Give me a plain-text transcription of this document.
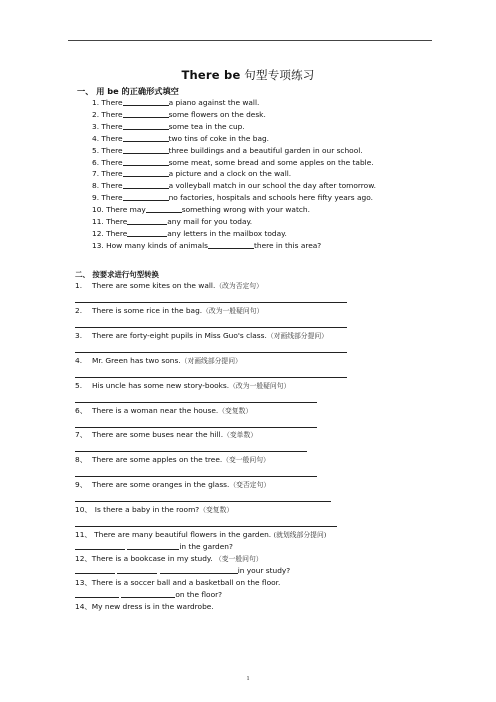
There be 句型专项练习
一、 用 be 的正确形式填空
1. There	a piano against the wall.
2. There	some flowers on the desk.
3. There	some tea in the cup.
4. There	two tins of coke in the bag.
5. There	three buildings and a beautiful garden in our school.
6. There	some meat, some bread and some apples on the table.
7. There	a picture and a clock on the wall.
8. There	a volleyball match in our school the day after tomorrow.
9. There	no factories, hospitals and schools here fifty years ago.
10. There may	something wrong with your watch.
11. There	any mail for you today.
12. There	any letters in the mailbox today.
13. How many kinds of animals	there in this area?
二、 按要求进行句型转换
1. There are some kites on the wall.（改为否定句）
2. There is some rice in the bag.（改为一般疑问句）
3. There are forty-eight pupils in Miss Guo's class.（对画线部分提问）
4. Mr. Green has two sons.（对画线部分提问）
5. His uncle has some new story-books.（改为一般疑问句）
6、 There is a woman near the house.（变复数）
7、 There are some buses near the hill.（变单数）
8、 There are some apples on the tree.（变一般问句）
9、 There are some oranges in the glass.（变否定句）
10、 Is there a baby in the room?（变复数）
11、 There are many beautiful flowers in the garden. (就划线部分提问)
in the garden?
12、There is a bookcase in my study. （变一般问句）
in your study?
13、There is a soccer ball and a basketball on the floor.
on the floor?
14、My new dress is in the wardrobe.
1
